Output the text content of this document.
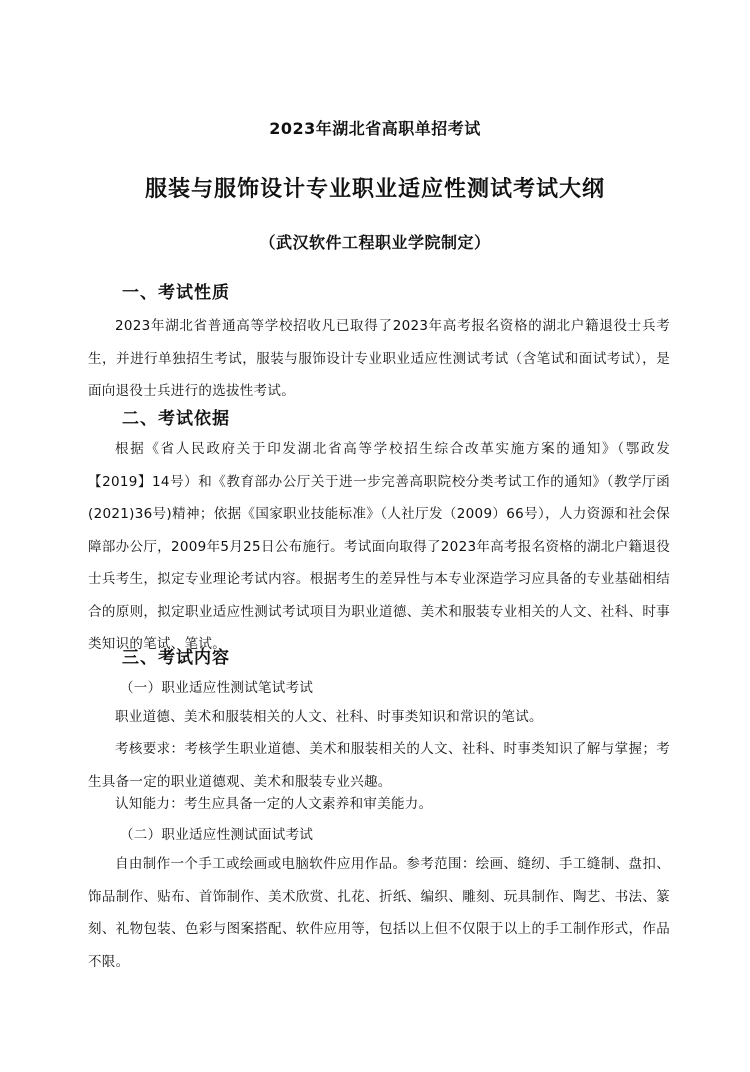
2023年湖北省高职单招考试
服装与服饰设计专业职业适应性测试考试大纲
（武汉软件工程职业学院制定）
一、考试性质

2023年湖北省普通高等学校招收凡已取得了2023年高考报名资格的湖北户籍退役士兵考生，并进行单独招生考试，服装与服饰设计专业职业适应性测试考试（含笔试和面试考试），是面向退役士兵进行的选拔性考试。

二、考试依据

根据《省人民政府关于印发湖北省高等学校招生综合改革实施方案的通知》（鄂政发【2019】14号）和《教育部办公厅关于进一步完善高职院校分类考试工作的通知》（教学厅函(2021)36号)精神；依据《国家职业技能标准》（人社厅发（2009）66号），人力资源和社会保障部办公厅，2009年5月25日公布施行。考试面向取得了2023年高考报名资格的湖北户籍退役士兵考生，拟定专业理论考试内容。根据考生的差异性与本专业深造学习应具备的专业基础相结合的原则，拟定职业适应性测试考试项目为职业道德、美术和服装专业相关的人文、社科、时事类知识的笔试、笔试。

三、考试内容
（一）职业适应性测试笔试考试

职业道德、美术和服装相关的人文、社科、时事类知识和常识的笔试。

考核要求：考核学生职业道德、美术和服装相关的人文、社科、时事类知识了解与掌握；考生具备一定的职业道德观、美术和服装专业兴趣。

认知能力：考生应具备一定的人文素养和审美能力。

（二）职业适应性测试面试考试

自由制作一个手工或绘画或电脑软件应用作品。参考范围：绘画、缝纫、手工缝制、盘扣、饰品制作、贴布、首饰制作、美术欣赏、扎花、折纸、编织、雕刻、玩具制作、陶艺、书法、篆刻、礼物包装、色彩与图案搭配、软件应用等，包括以上但不仅限于以上的手工制作形式，作品不限。
